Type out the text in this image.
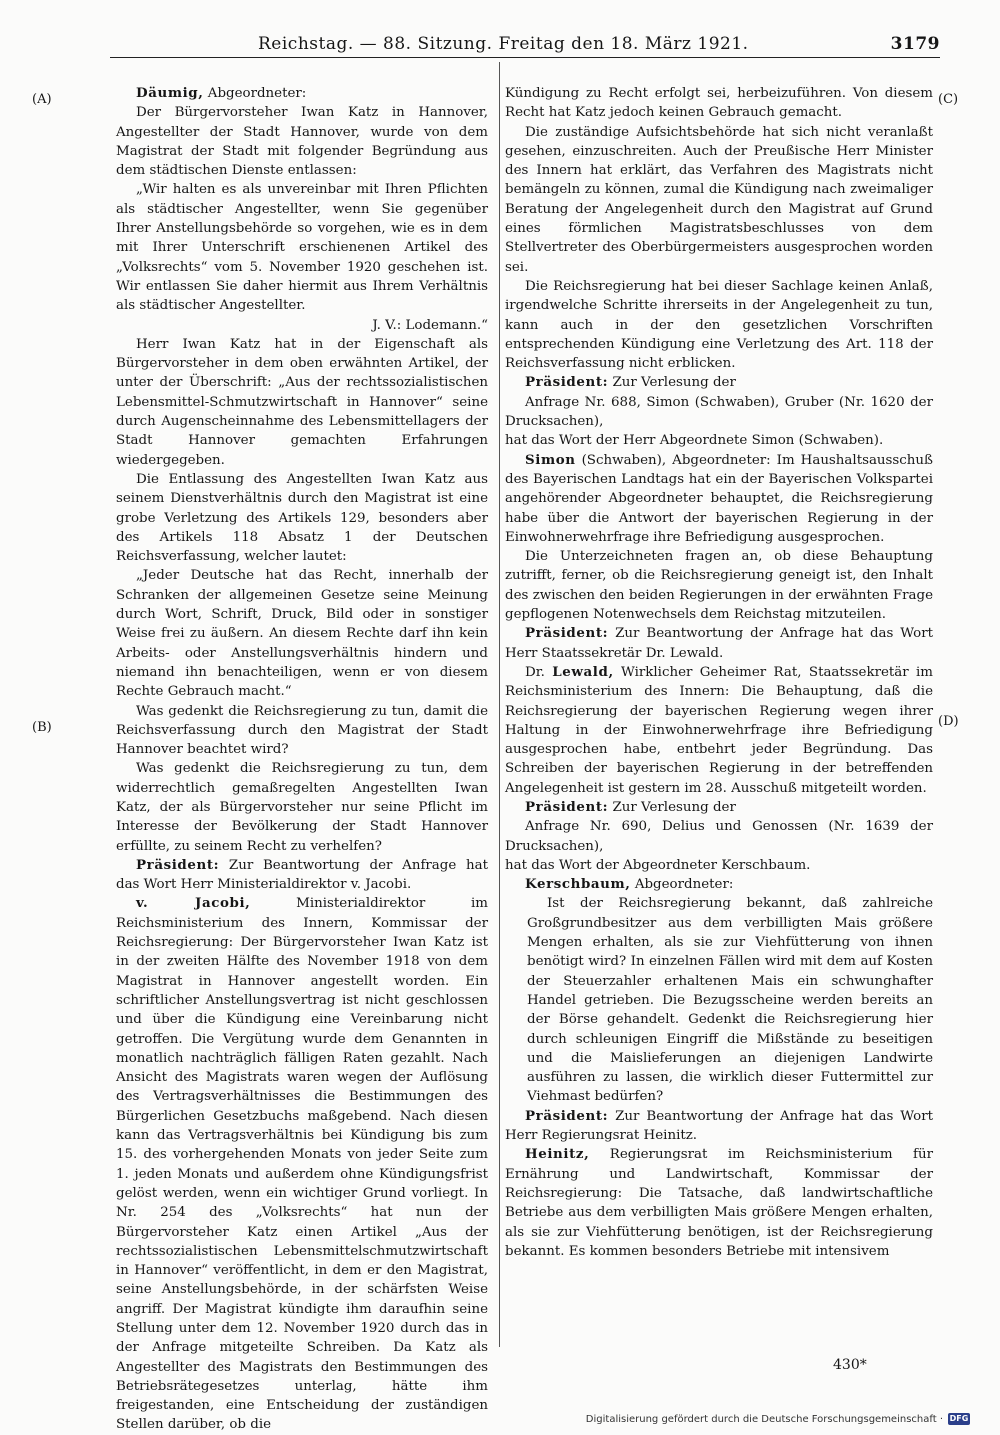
Reichstag. — 88. Sitzung. Freitag den 18. März 1921.	3179
(A)
(B)
(C)
(D)

Däumig, Abgeordneter:

Der Bürgervorsteher Iwan Katz in Hannover, Angestellter der Stadt Hannover, wurde von dem Magistrat der Stadt mit folgender Begründung aus dem städtischen Dienste entlassen:

„Wir halten es als unvereinbar mit Ihren Pflichten als städtischer Angestellter, wenn Sie gegenüber Ihrer Anstellungsbehörde so vorgehen, wie es in dem mit Ihrer Unterschrift erschienenen Artikel des „Volksrechts“ vom 5. November 1920 geschehen ist. Wir entlassen Sie daher hiermit aus Ihrem Verhältnis als städtischer Angestellter.

J. V.: Lodemann.“

Herr Iwan Katz hat in der Eigenschaft als Bürgervorsteher in dem oben erwähnten Artikel, der unter der Überschrift: „Aus der rechtssozialistischen Lebensmittel-Schmutzwirtschaft in Hannover“ seine durch Augenscheinnahme des Lebensmittellagers der Stadt Hannover gemachten Erfahrungen wiedergegeben.

Die Entlassung des Angestellten Iwan Katz aus seinem Dienstverhältnis durch den Magistrat ist eine grobe Verletzung des Artikels 129, besonders aber des Artikels 118 Absatz 1 der Deutschen Reichsverfassung, welcher lautet:

„Jeder Deutsche hat das Recht, innerhalb der Schranken der allgemeinen Gesetze seine Meinung durch Wort, Schrift, Druck, Bild oder in sonstiger Weise frei zu äußern. An diesem Rechte darf ihn kein Arbeits- oder Anstellungsverhältnis hindern und niemand ihn benachteiligen, wenn er von diesem Rechte Gebrauch macht.“

Was gedenkt die Reichsregierung zu tun, damit die Reichsverfassung durch den Magistrat der Stadt Hannover beachtet wird?

Was gedenkt die Reichsregierung zu tun, dem widerrechtlich gemaßregelten Angestellten Iwan Katz, der als Bürgervorsteher nur seine Pflicht im Interesse der Bevölkerung der Stadt Hannover erfüllte, zu seinem Recht zu verhelfen?

Präsident: Zur Beantwortung der Anfrage hat das Wort Herr Ministerialdirektor v. Jacobi.

v. Jacobi, Ministerialdirektor im Reichsministerium des Innern, Kommissar der Reichsregierung: Der Bürgervorsteher Iwan Katz ist in der zweiten Hälfte des November 1918 von dem Magistrat in Hannover angestellt worden. Ein schriftlicher Anstellungsvertrag ist nicht geschlossen und über die Kündigung eine Vereinbarung nicht getroffen. Die Vergütung wurde dem Genannten in monatlich nachträglich fälligen Raten gezahlt. Nach Ansicht des Magistrats waren wegen der Auflösung des Vertragsverhältnisses die Bestimmungen des Bürgerlichen Gesetzbuchs maßgebend. Nach diesen kann das Vertragsverhältnis bei Kündigung bis zum 15. des vorhergehenden Monats von jeder Seite zum 1. jeden Monats und außerdem ohne Kündigungsfrist gelöst werden, wenn ein wichtiger Grund vorliegt. In Nr. 254 des „Volksrechts“ hat nun der Bürgervorsteher Katz einen Artikel „Aus der rechtssozialistischen Lebensmittelschmutzwirtschaft in Hannover“ veröffentlicht, in dem er den Magistrat, seine Anstellungsbehörde, in der schärfsten Weise angriff. Der Magistrat kündigte ihm daraufhin seine Stellung unter dem 12. November 1920 durch das in der Anfrage mitgeteilte Schreiben. Da Katz als Angestellter des Magistrats den Bestimmungen des Betriebsrätegesetzes unterlag, hätte ihm freigestanden, eine Entscheidung der zuständigen Stellen darüber, ob die

Kündigung zu Recht erfolgt sei, herbeizuführen. Von diesem Recht hat Katz jedoch keinen Gebrauch gemacht.

Die zuständige Aufsichtsbehörde hat sich nicht veranlaßt gesehen, einzuschreiten. Auch der Preußische Herr Minister des Innern hat erklärt, das Verfahren des Magistrats nicht bemängeln zu können, zumal die Kündigung nach zweimaliger Beratung der Angelegenheit durch den Magistrat auf Grund eines förmlichen Magistratsbeschlusses von dem Stellvertreter des Oberbürgermeisters ausgesprochen worden sei.

Die Reichsregierung hat bei dieser Sachlage keinen Anlaß, irgendwelche Schritte ihrerseits in der Angelegenheit zu tun, kann auch in der den gesetzlichen Vorschriften entsprechenden Kündigung eine Verletzung des Art. 118 der Reichsverfassung nicht erblicken.

Präsident: Zur Verlesung der

Anfrage Nr. 688, Simon (Schwaben), Gruber (Nr. 1620 der Drucksachen),

hat das Wort der Herr Abgeordnete Simon (Schwaben).

Simon (Schwaben), Abgeordneter: Im Haushaltsausschuß des Bayerischen Landtags hat ein der Bayerischen Volkspartei angehörender Abgeordneter behauptet, die Reichsregierung habe über die Antwort der bayerischen Regierung in der Einwohnerwehrfrage ihre Befriedigung ausgesprochen.

Die Unterzeichneten fragen an, ob diese Behauptung zutrifft, ferner, ob die Reichsregierung geneigt ist, den Inhalt des zwischen den beiden Regierungen in der erwähnten Frage gepflogenen Notenwechsels dem Reichstag mitzuteilen.

Präsident: Zur Beantwortung der Anfrage hat das Wort Herr Staatssekretär Dr. Lewald.

Dr. Lewald, Wirklicher Geheimer Rat, Staatssekretär im Reichsministerium des Innern: Die Behauptung, daß die Reichsregierung der bayerischen Regierung wegen ihrer Haltung in der Einwohnerwehrfrage ihre Befriedigung ausgesprochen habe, entbehrt jeder Begründung. Das Schreiben der bayerischen Regierung in der betreffenden Angelegenheit ist gestern im 28. Ausschuß mitgeteilt worden.

Präsident: Zur Verlesung der

Anfrage Nr. 690, Delius und Genossen (Nr. 1639 der Drucksachen),

hat das Wort der Abgeordneter Kerschbaum.

Kerschbaum, Abgeordneter:

Ist der Reichsregierung bekannt, daß zahlreiche Großgrundbesitzer aus dem verbilligten Mais größere Mengen erhalten, als sie zur Viehfütterung von ihnen benötigt wird? In einzelnen Fällen wird mit dem auf Kosten der Steuerzahler erhaltenen Mais ein schwunghafter Handel getrieben. Die Bezugsscheine werden bereits an der Börse gehandelt. Gedenkt die Reichsregierung hier durch schleunigen Eingriff die Mißstände zu beseitigen und die Maislieferungen an diejenigen Landwirte ausführen zu lassen, die wirklich dieser Futtermittel zur Viehmast bedürfen?

Präsident: Zur Beantwortung der Anfrage hat das Wort Herr Regierungsrat Heinitz.

Heinitz, Regierungsrat im Reichsministerium für Ernährung und Landwirtschaft, Kommissar der Reichsregierung: Die Tatsache, daß landwirtschaftliche Betriebe aus dem verbilligten Mais größere Mengen erhalten, als sie zur Viehfütterung benötigen, ist der Reichsregierung bekannt. Es kommen besonders Betriebe mit intensivem

430*
Digitalisierung gefördert durch die Deutsche Forschungsgemeinschaft · DFG
